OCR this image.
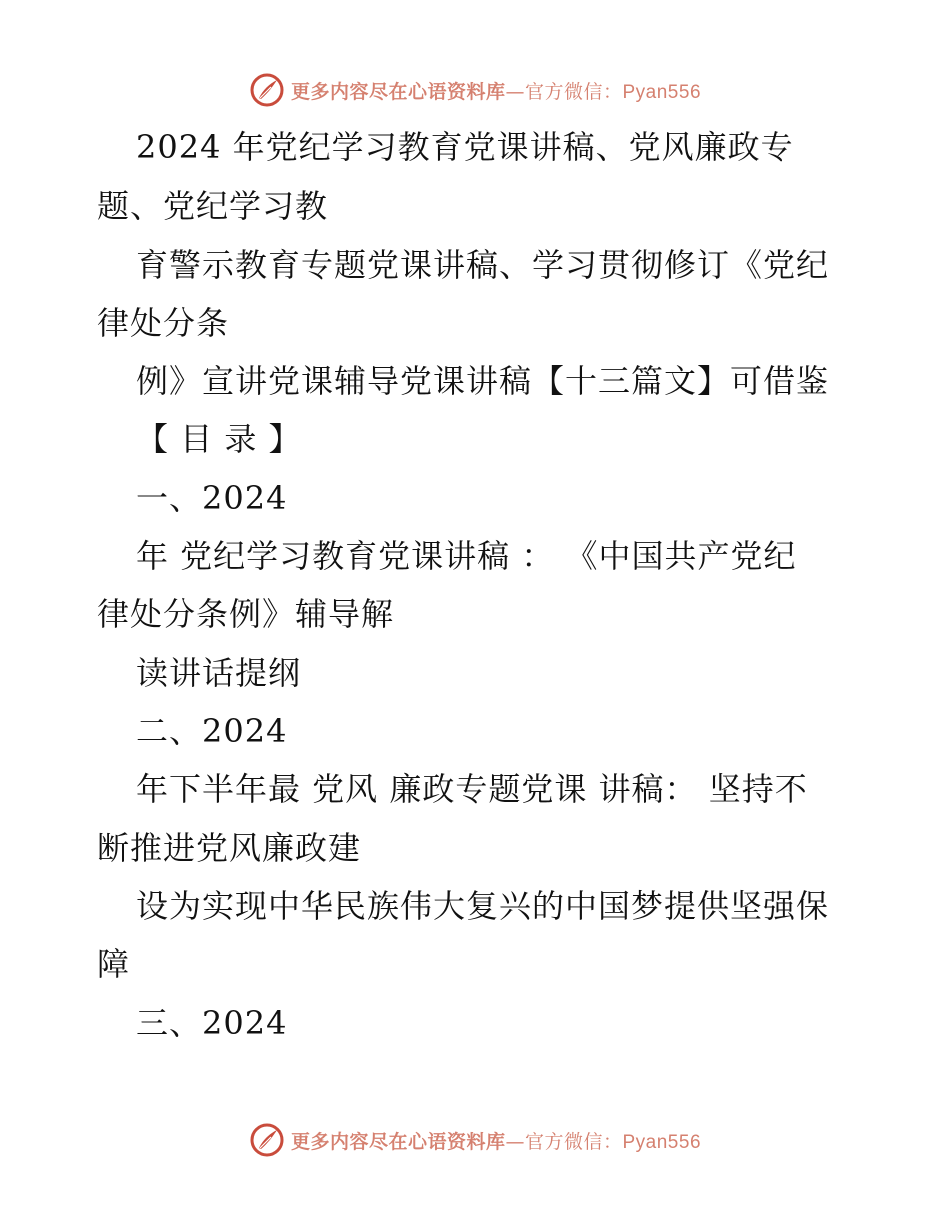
更多内容尽在心语资料库—官方微信：Pyan556
2024 年党纪学习教育党课讲稿、党风廉政专
题、党纪学习教
育警示教育专题党课讲稿、学习贯彻修订《党纪
律处分条
例》宣讲党课辅导党课讲稿【十三篇文】可借鉴
【 目 录 】
一、2024
年 党纪学习教育党课讲稿 ： 《中国共产党纪
律处分条例》辅导解
读讲话提纲
二、2024
年下半年最 党风 廉政专题党课 讲稿： 坚持不
断推进党风廉政建
设为实现中华民族伟大复兴的中国梦提供坚强保
障
三、2024
更多内容尽在心语资料库—官方微信：Pyan556
